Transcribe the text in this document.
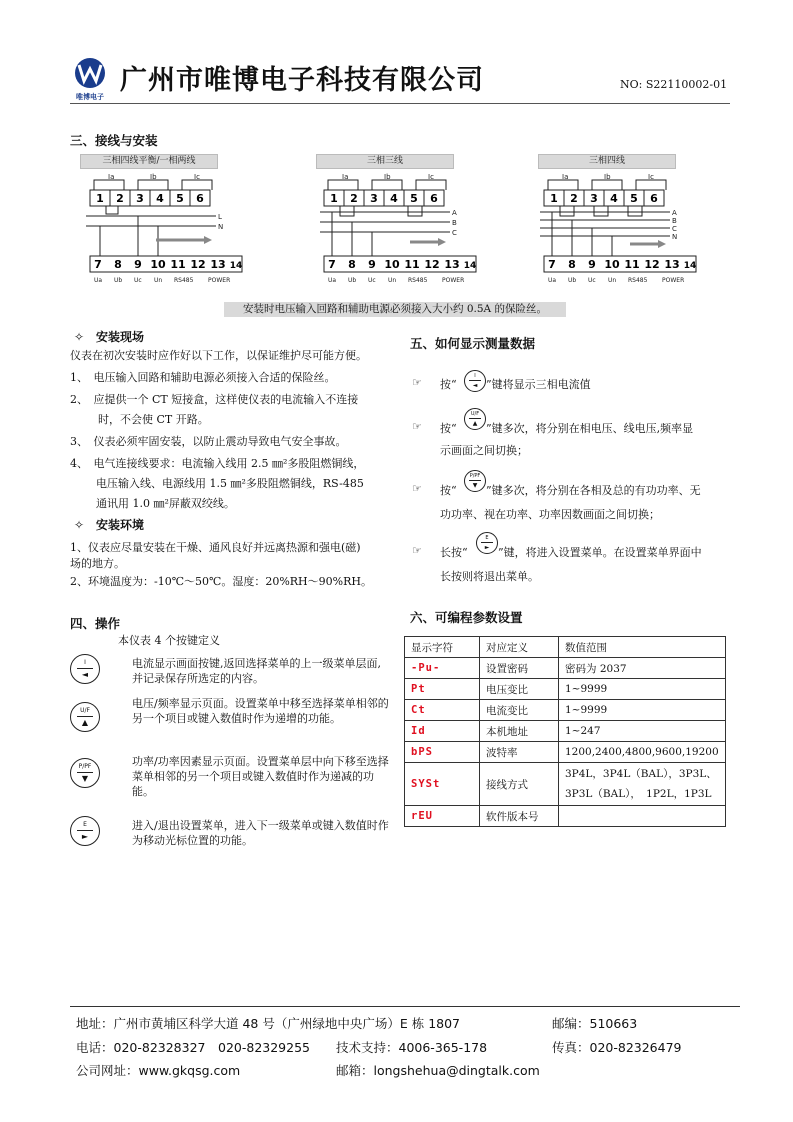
唯博电子
广州市唯博电子科技有限公司	NO: S22110002-01
三、接线与安装
三相四线平衡/一相两线	三相三线	三相四线
Ia	Ib	Ic
1 2 3 4 5 6
L
N
7 8 9 10 11 12 13 14
Ua Ub Uc Un RS485 POWER
Ia	Ib	Ic
1 2 3 4 5 6
A
B
C
7 8 9 10 11 12 13 14
Ua Ub Uc Un RS485 POWER
Ia	Ib	Ic
1 2 3 4 5 6
A
B
C
N
7 8 9 10 11 12 13 14
Ua Ub Uc Un RS485 POWER
安装时电压输入回路和辅助电源必须接入大小约 0.5A 的保险丝。
✧　安装现场
仪表在初次安装时应作好以下工作，以保证维护尽可能方便。
1、　电压输入回路和辅助电源必须接入合适的保险丝。
2、　应提供一个 CT 短接盒，这样使仪表的电流输入不连接
时，不会使 CT 开路。
3、　仪表必须牢固安装，以防止震动导致电气安全事故。
4、　电气连接线要求：电流输入线用 2.5 ㎜²多股阻燃铜线，
电压输入线、电源线用 1.5 ㎜²多股阻燃铜线，RS-485
通讯用 1.0 ㎜²屏蔽双绞线。
✧　安装环境
1、仪表应尽量安装在干燥、通风良好并远离热源和强电(磁)
场的地方。
2、环境温度为：-10℃～50℃。湿度：20%RH～90%RH。
四、操作
本仪表 4 个按键定义
I
◄
电流显示画面按键,返回选择菜单的上一级菜单层面,并记录保存所选定的内容。
U/F
▲
电压/频率显示页面。设置菜单中移至选择菜单相邻的另一个项目或键入数值时作为递增的功能。
P/PF
▼
功率/功率因素显示页面。设置菜单层中向下移至选择菜单相邻的另一个项目或键入数值时作为递减的功能。
E
►
进入/退出设置菜单，进入下一级菜单或键入数值时作为移动光标位置的功能。
五、如何显示测量数据
☞ 按“
I
◄ ”键将显示三相电流值
☞ 按“
U/F
▲ ”键多次，将分别在相电压、线电压,频率显
示画面之间切换；
☞ 按“
P/PF
▼ ”键多次，将分别在各相及总的有功功率、无
功功率、视在功率、功率因数画面之间切换；
☞ 长按“
E
► ”键，将进入设置菜单。在设置菜单界面中
长按则将退出菜单。
六、可编程参数设置
显示字符	对应定义	数值范围
-Pu-	设置密码	密码为 2037
Pt	电压变比	1~9999
Ct	电流变比	1~9999
Id	本机地址	1~247
bPS	波特率	1200,2400,4800,9600,19200
SYSt	接线方式	3P4L，3P4L（BAL），3P3L、
3P3L（BAL），　1P2L，1P3L

rEU	软件版本号	
地址：广州市黄埔区科学大道 48 号（广州绿地中央广场）E 栋 1807	邮编：510663
电话：020-82328327　020-82329255 技术支持：4006-365-178	传真：020-82326479
公司网址：www.gkqsg.com	邮箱：longshehua@dingtalk.com
